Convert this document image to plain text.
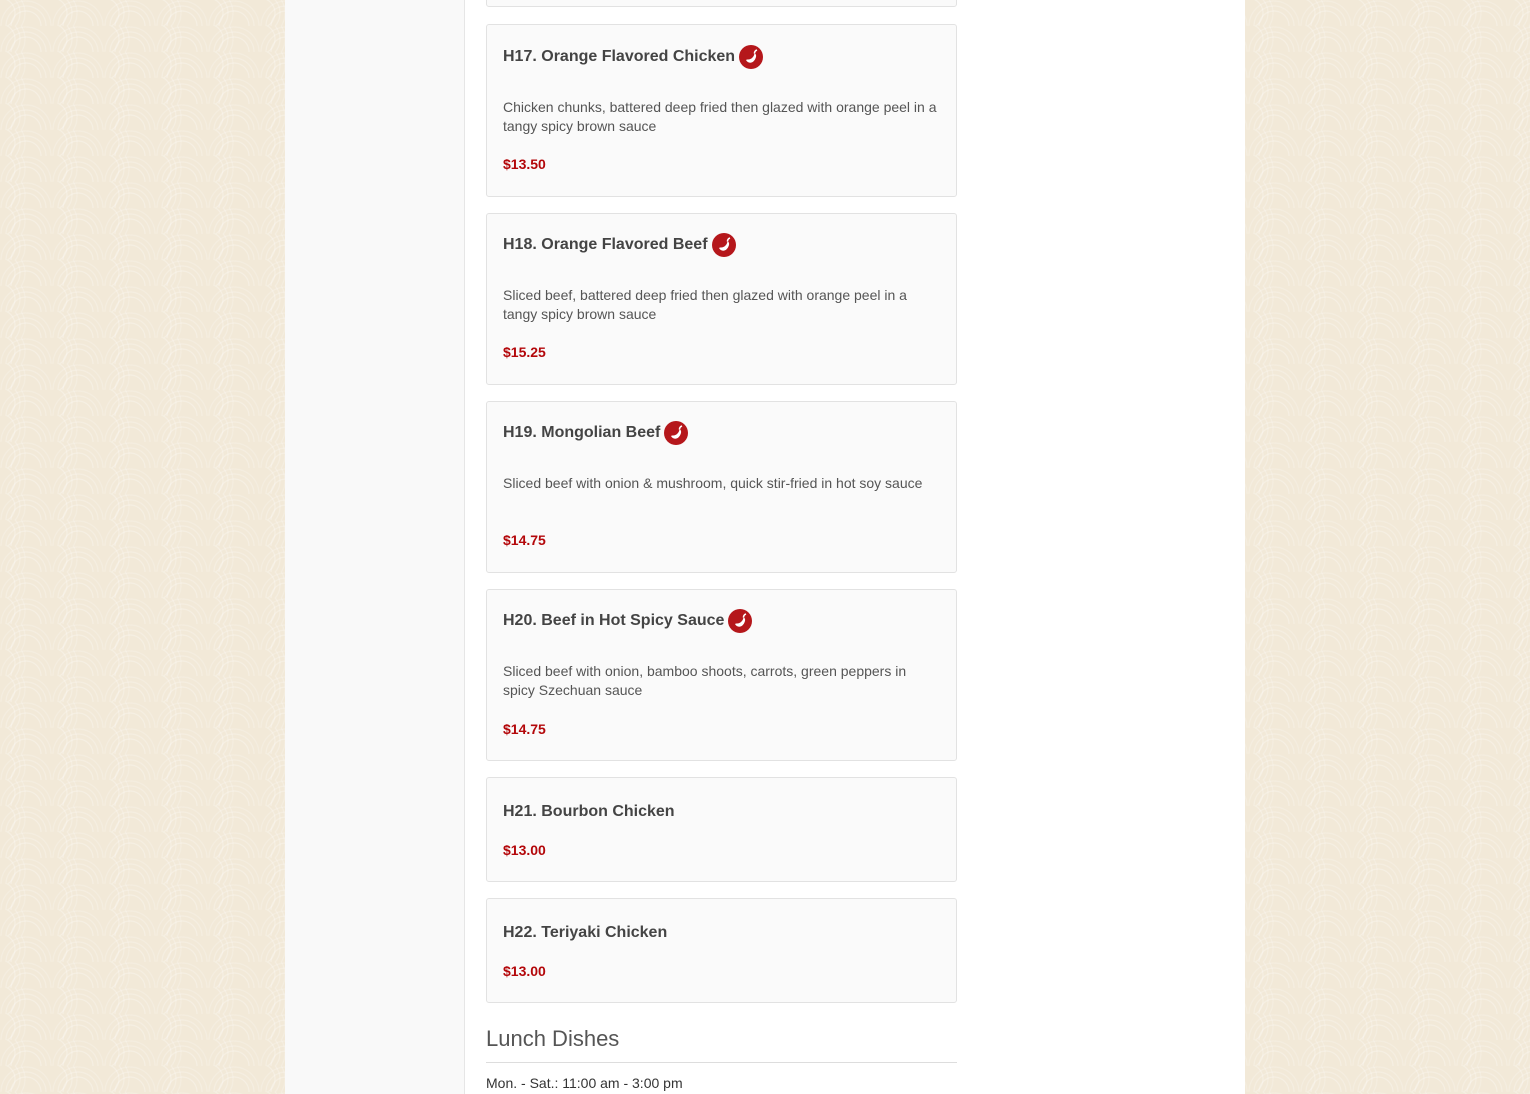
H17. Orange Flavored Chicken
Chicken chunks, battered deep fried then glazed with orange peel in a tangy spicy brown sauce
$13.50
H18. Orange Flavored Beef
Sliced beef, battered deep fried then glazed with orange peel in a tangy spicy brown sauce
$15.25
H19. Mongolian Beef
Sliced beef with onion & mushroom, quick stir-fried in hot soy sauce
$14.75
H20. Beef in Hot Spicy Sauce
Sliced beef with onion, bamboo shoots, carrots, green peppers in spicy Szechuan sauce
$14.75
H21. Bourbon Chicken
$13.00
H22. Teriyaki Chicken
$13.00
Lunch Dishes
Mon. - Sat.: 11:00 am - 3:00 pm
